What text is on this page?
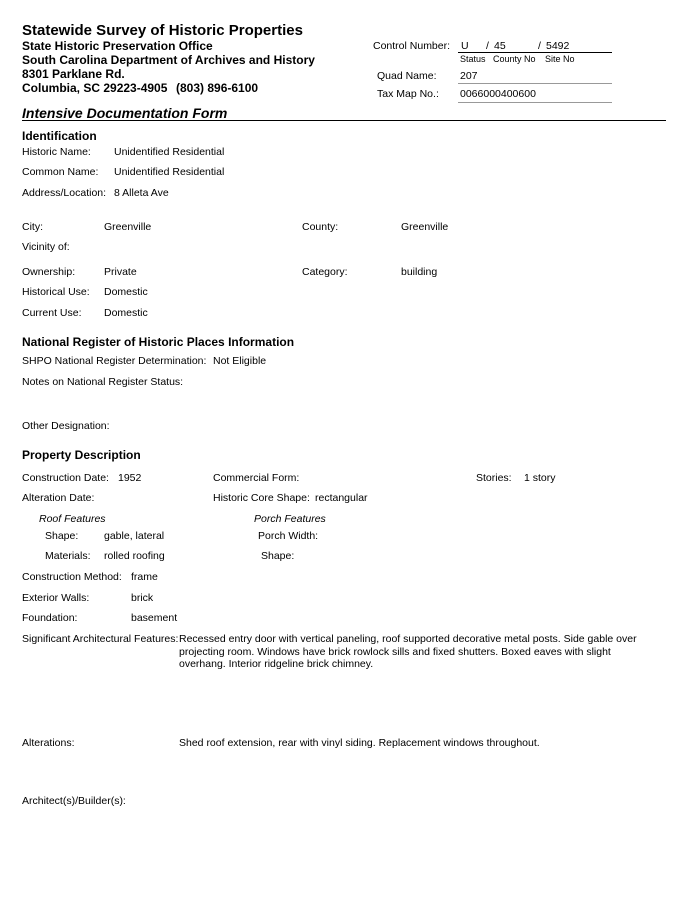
Statewide Survey of Historic Properties
State Historic Preservation Office
South Carolina Department of Archives and History
8301 Parklane Rd.
Columbia, SC 29223-4905 (803) 896-6100
Control Number: U / 45	/ 5492
Status County No Site No
Quad Name: 207
Tax Map No.: 0066000400600
Intensive Documentation Form
Identification
Historic Name: Unidentified Residential
Common Name: Unidentified Residential
Address/Location: 8 Alleta Ave
City:	Greenville	County:	Greenville
Vicinity of:
Ownership:	Private	Category:	building
Historical Use: Domestic
Current Use: Domestic
National Register of Historic Places Information
SHPO National Register Determination: Not Eligible
Notes on National Register Status:
Other Designation:
Property Description
Construction Date: 1952	Commercial Form:	Stories: 1 story
Alteration Date:	Historic Core Shape: rectangular
Roof Features	Porch Features
Shape: gable, lateral	Porch Width:
Materials: rolled roofing	Shape:
Construction Method: frame
Exterior Walls:	brick
Foundation:	basement
Significant Architectural Features: Recessed entry door with vertical paneling, roof supported decorative metal posts. Side gable over projecting room. Windows have brick rowlock sills and fixed shutters. Boxed eaves with slight overhang. Interior ridgeline brick chimney.
Alterations:	Shed roof extension, rear with vinyl siding. Replacement windows throughout.
Architect(s)/Builder(s):
